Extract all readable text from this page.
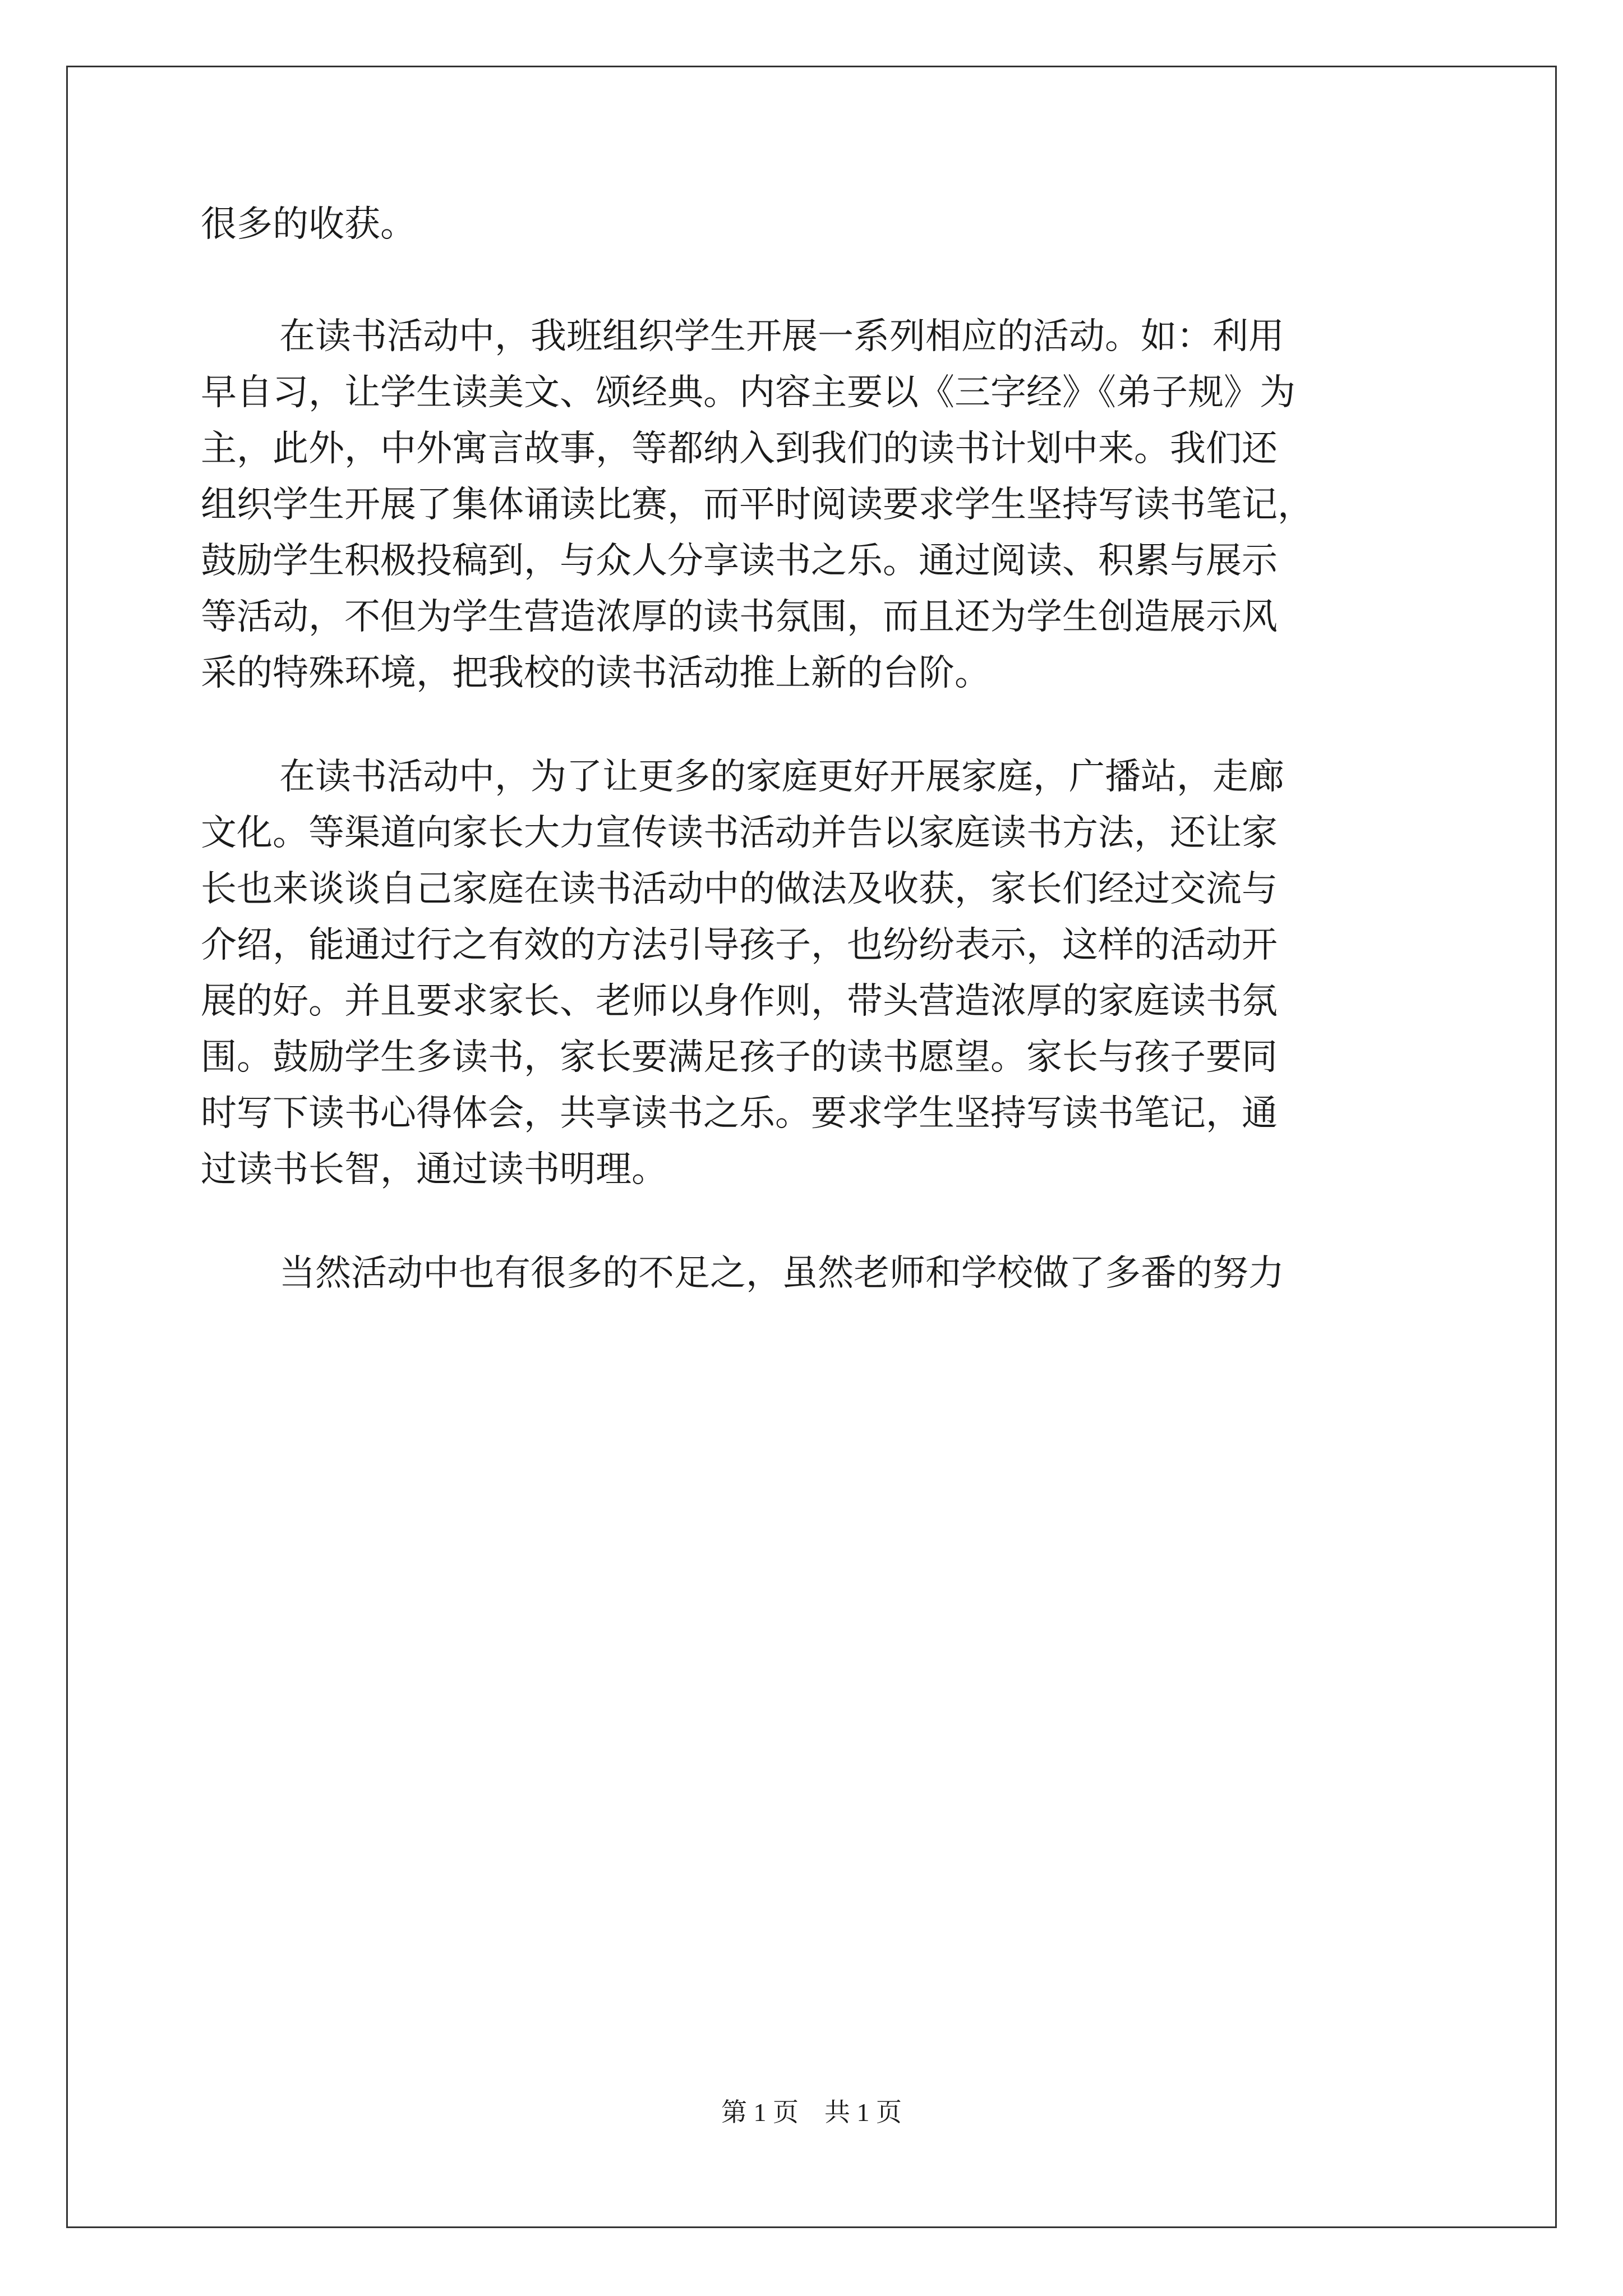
很多的收获。
在读书活动中，我班组织学生开展一系列相应的活动。如：利用
早自习，让学生读美文、颂经典。内容主要以《三字经》《弟子规》为
主，此外，中外寓言故事，等都纳入到我们的读书计划中来。我们还
组织学生开展了集体诵读比赛，而平时阅读要求学生坚持写读书笔记，
鼓励学生积极投稿到，与众人分享读书之乐。通过阅读、积累与展示
等活动，不但为学生营造浓厚的读书氛围，而且还为学生创造展示风
采的特殊环境，把我校的读书活动推上新的台阶。
在读书活动中，为了让更多的家庭更好开展家庭，广播站，走廊
文化。等渠道向家长大力宣传读书活动并告以家庭读书方法，还让家
长也来谈谈自己家庭在读书活动中的做法及收获，家长们经过交流与
介绍，能通过行之有效的方法引导孩子，也纷纷表示，这样的活动开
展的好。并且要求家长、老师以身作则，带头营造浓厚的家庭读书氛
围。鼓励学生多读书，家长要满足孩子的读书愿望。家长与孩子要同
时写下读书心得体会，共享读书之乐。要求学生坚持写读书笔记，通
过读书长智，通过读书明理。
当然活动中也有很多的不足之，虽然老师和学校做了多番的努力
第 1 页    共 1 页
